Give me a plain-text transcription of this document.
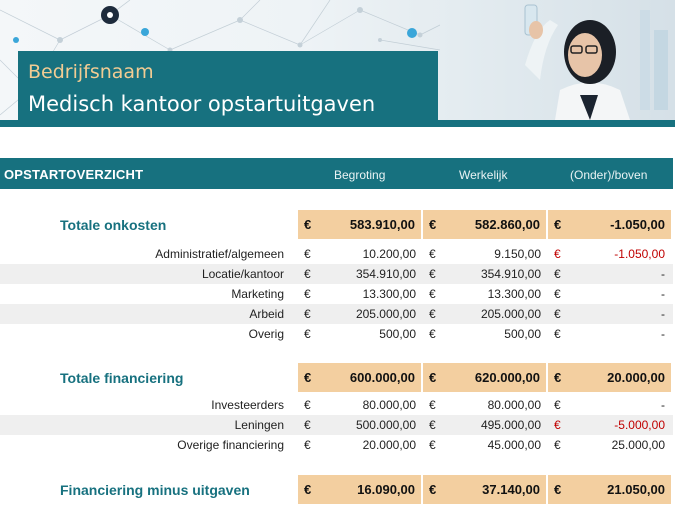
Bedrijfsnaam
Medisch kantoor opstartuitgaven
OPSTARTOVERZICHT	Begroting	Werkelijk	(Onder)/boven
Totale onkosten	€	583.910,00 €	582.860,00 €	-1.050,00
Administratief/algemeen €	10.200,00 €	9.150,00 €	-1.050,00
Locatie/kantoor €	354.910,00 €	354.910,00 €	-
Marketing €	13.300,00 €	13.300,00 €	-
Arbeid €	205.000,00 €	205.000,00 €	-
Overig €	500,00 €	500,00 €	-
Totale financiering	€	600.000,00 €	620.000,00 €	20.000,00
Investeerders €	80.000,00 €	80.000,00 €	-
Leningen €	500.000,00 €	495.000,00 €	-5.000,00
Overige financiering €	20.000,00 €	45.000,00 €	25.000,00
Financiering minus uitgaven	€	16.090,00 €	37.140,00 €	21.050,00
